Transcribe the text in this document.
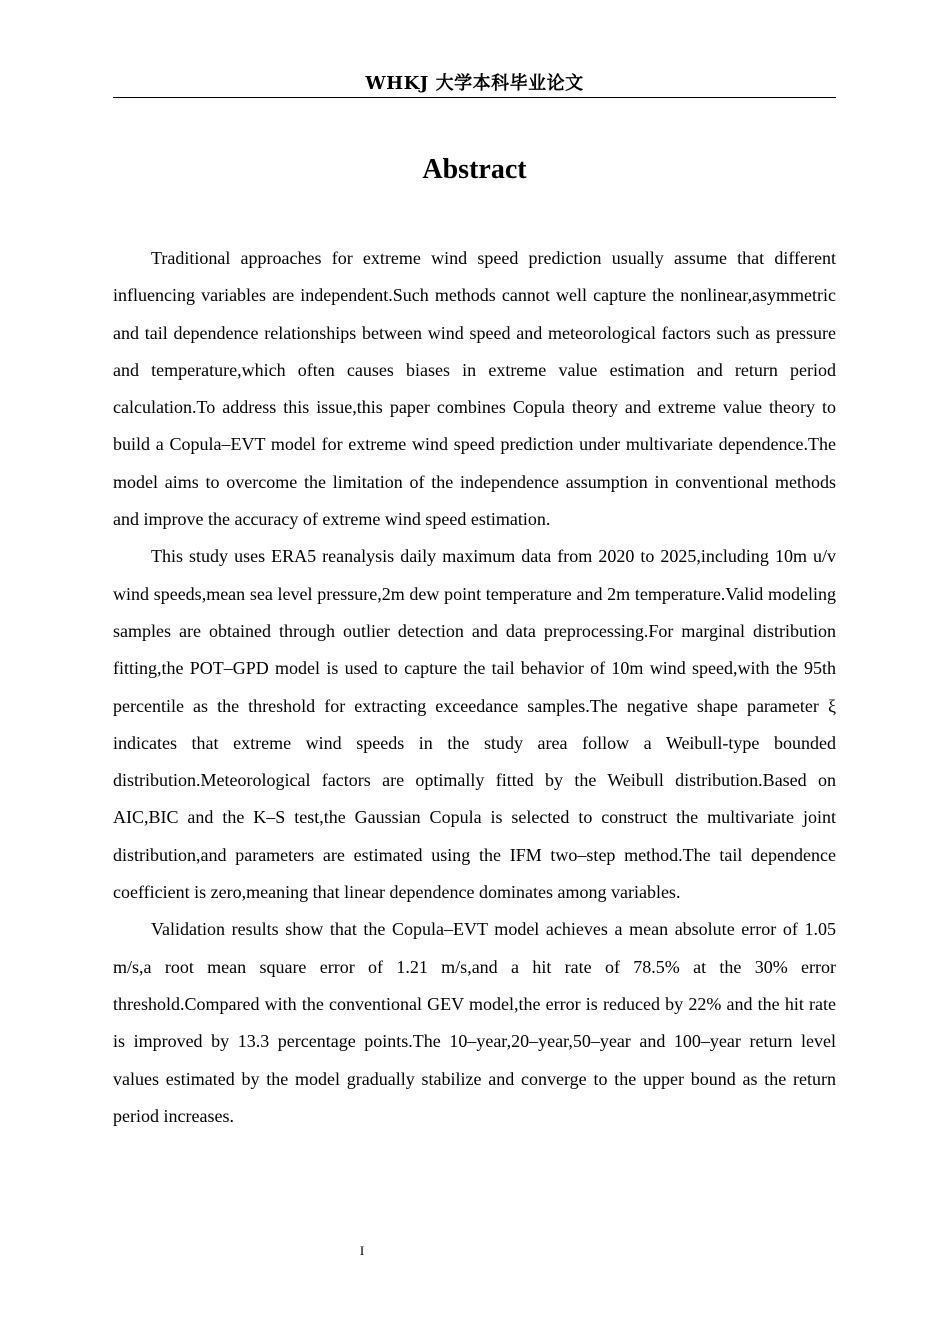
WHKJ 大学本科毕业论文
Abstract

Traditional approaches for extreme wind speed prediction usually assume that different influencing variables are independent.Such methods cannot well capture the nonlinear,asymmetric and tail dependence relationships between wind speed and meteorological factors such as pressure and temperature,which often causes biases in extreme value estimation and return period calculation.To address this issue,this paper combines Copula theory and extreme value theory to build a Copula–EVT model for extreme wind speed prediction under multivariate dependence.The model aims to overcome the limitation of the independence assumption in conventional methods and improve the accuracy of extreme wind speed estimation.

This study uses ERA5 reanalysis daily maximum data from 2020 to 2025,including 10m u/v wind speeds,mean sea level pressure,2m dew point temperature and 2m temperature.Valid modeling samples are obtained through outlier detection and data preprocessing.For marginal distribution fitting,the POT–GPD model is used to capture the tail behavior of 10m wind speed,with the 95th percentile as the threshold for extracting exceedance samples.The negative shape parameter ξ indicates that extreme wind speeds in the study area follow a Weibull-type bounded distribution.Meteorological factors are optimally fitted by the Weibull distribution.Based on AIC,BIC and the K–S test,the Gaussian Copula is selected to construct the multivariate joint distribution,and parameters are estimated using the IFM two–step method.The tail dependence coefficient is zero,meaning that linear dependence dominates among variables.

Validation results show that the Copula–EVT model achieves a mean absolute error of 1.05 m/s,a root mean square error of 1.21 m/s,and a hit rate of 78.5% at the 30% error threshold.Compared with the conventional GEV model,the error is reduced by 22% and the hit rate is improved by 13.3 percentage points.The 10–year,20–year,50–year and 100–year return level values estimated by the model gradually stabilize and converge to the upper bound as the return period increases.

I
